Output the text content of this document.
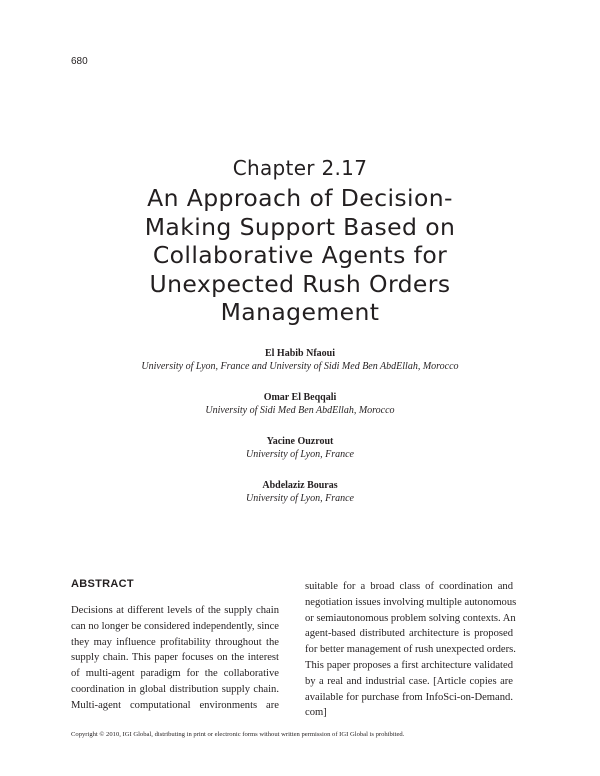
680
Chapter 2.17
An Approach of Decision-
Making Support Based on
Collaborative Agents for
Unexpected Rush Orders
Management
El Habib Nfaoui
University of Lyon, France and University of Sidi Med Ben AbdEllah, Morocco
Omar El Beqqali
University of Sidi Med Ben AbdEllah, Morocco
Yacine Ouzrout
University of Lyon, France
Abdelaziz Bouras
University of Lyon, France
ABSTRACT
Decisions at different levels of the supply chain
can no longer be considered independently, since
they may influence profitability throughout the
supply chain. This paper focuses on the interest
of multi-agent paradigm for the collaborative
coordination in global distribution supply chain.
Multi-agent computational environments are
suitable for a broad class of coordination and
negotiation issues involving multiple autonomous
or semiautonomous problem solving contexts. An
agent-based distributed architecture is proposed
for better management of rush unexpected orders.
This paper proposes a first architecture validated
by a real and industrial case. [Article copies are
available for purchase from InfoSci-on-Demand.
com]
Copyright © 2010, IGI Global, distributing in print or electronic forms without written permission of IGI Global is prohibited.
